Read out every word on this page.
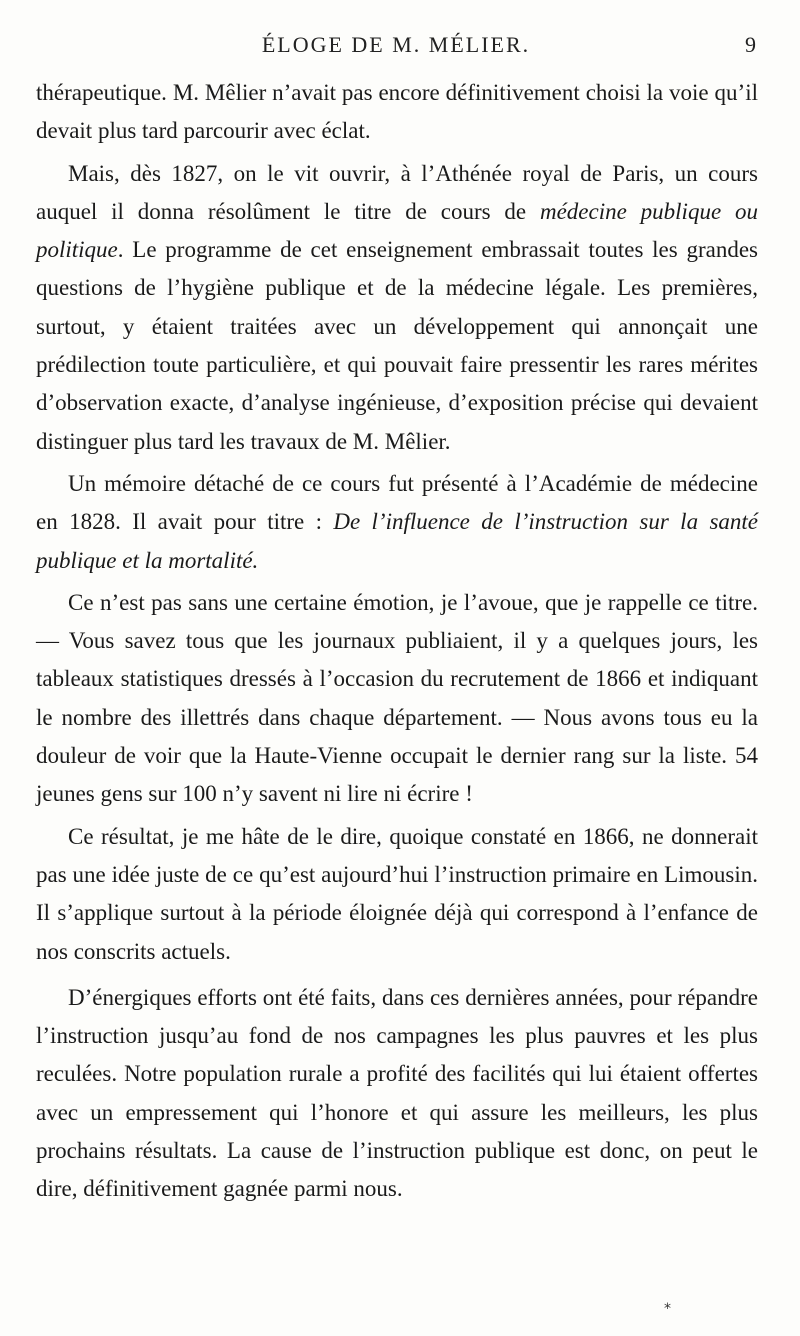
ÉLOGE DE M. MÉLIER.	9

thérapeutique. M. Mêlier n’avait pas encore définitivement choisi la voie qu’il devait plus tard parcourir avec éclat.

Mais, dès 1827, on le vit ouvrir, à l’Athénée royal de Paris, un cours auquel il donna résolûment le titre de cours de médecine publique ou politique. Le programme de cet enseignement embrassait toutes les grandes questions de l’hygiène publique et de la médecine légale. Les premières, surtout, y étaient traitées avec un développement qui annonçait une prédilection toute particulière, et qui pouvait faire pressentir les rares mérites d’observation exacte, d’analyse ingénieuse, d’exposition précise qui devaient distinguer plus tard les travaux de M. Mêlier.

Un mémoire détaché de ce cours fut présenté à l’Académie de médecine en 1828. Il avait pour titre : De l’influence de l’instruction sur la santé publique et la mortalité.

Ce n’est pas sans une certaine émotion, je l’avoue, que je rappelle ce titre. — Vous savez tous que les journaux publiaient, il y a quelques jours, les tableaux statistiques dressés à l’occasion du recrutement de 1866 et indiquant le nombre des illettrés dans chaque département. — Nous avons tous eu la douleur de voir que la Haute-Vienne occupait le dernier rang sur la liste. 54 jeunes gens sur 100 n’y savent ni lire ni écrire !

Ce résultat, je me hâte de le dire, quoique constaté en 1866, ne donnerait pas une idée juste de ce qu’est aujourd’hui l’instruction primaire en Limousin. Il s’applique surtout à la période éloignée déjà qui correspond à l’enfance de nos conscrits actuels.

D’énergiques efforts ont été faits, dans ces dernières années, pour répandre l’instruction jusqu’au fond de nos campagnes les plus pauvres et les plus reculées. Notre population rurale a profité des facilités qui lui étaient offertes avec un empressement qui l’honore et qui assure les meilleurs, les plus prochains résultats. La cause de l’instruction publique est donc, on peut le dire, définitivement gagnée parmi nous.

*
